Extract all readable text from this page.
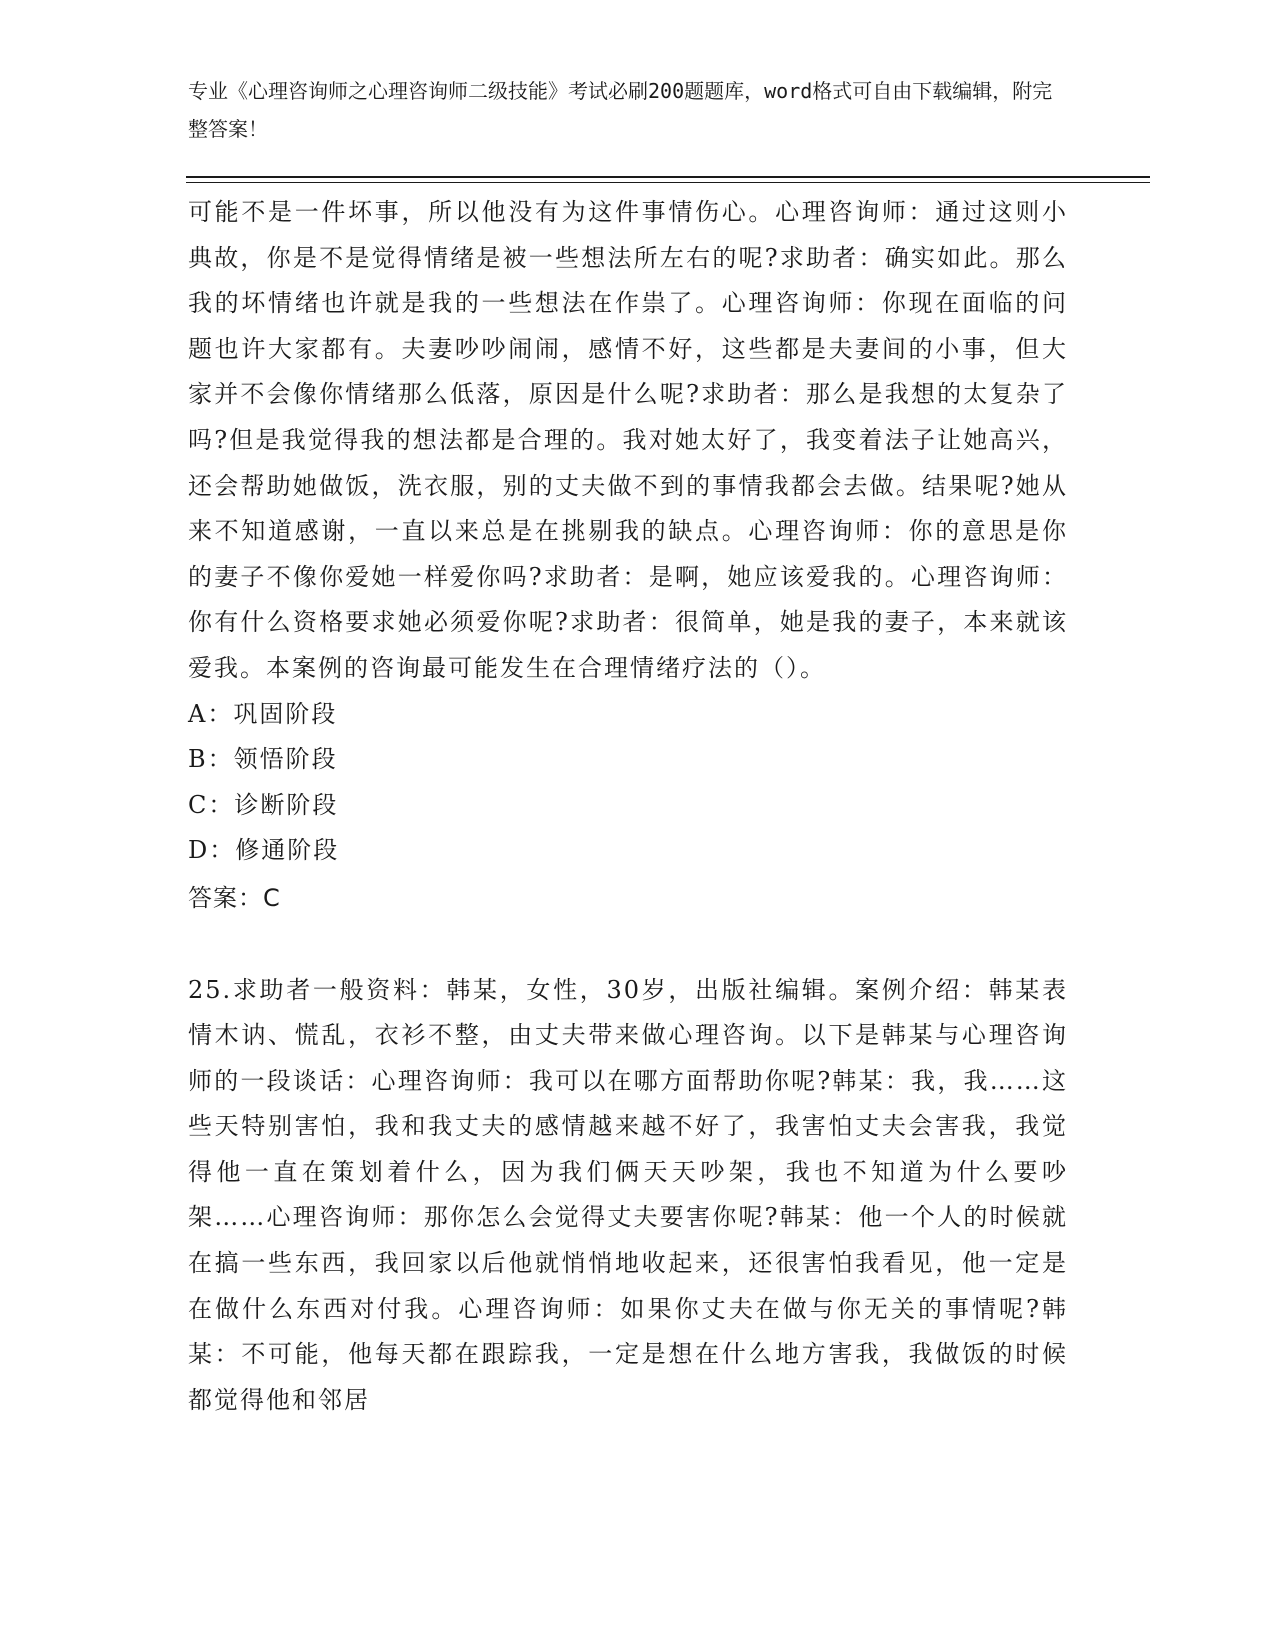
专业《心理咨询师之心理咨询师二级技能》考试必刷200题题库，word格式可自由下载编辑，附完整答案！

可能不是一件坏事，所以他没有为这件事情伤心。心理咨询师：通过这则小典故，你是不是觉得情绪是被一些想法所左右的呢?求助者：确实如此。那么我的坏情绪也许就是我的一些想法在作祟了。心理咨询师：你现在面临的问题也许大家都有。夫妻吵吵闹闹，感情不好，这些都是夫妻间的小事，但大家并不会像你情绪那么低落，原因是什么呢?求助者：那么是我想的太复杂了吗?但是我觉得我的想法都是合理的。我对她太好了，我变着法子让她高兴，还会帮助她做饭，洗衣服，别的丈夫做不到的事情我都会去做。结果呢?她从来不知道感谢，一直以来总是在挑剔我的缺点。心理咨询师：你的意思是你的妻子不像你爱她一样爱你吗?求助者：是啊，她应该爱我的。心理咨询师：你有什么资格要求她必须爱你呢?求助者：很简单，她是我的妻子，本来就该爱我。本案例的咨询最可能发生在合理情绪疗法的（）。

A：巩固阶段
B：领悟阶段
C：诊断阶段
D：修通阶段
答案：C

25.求助者一般资料：韩某，女性，30岁，出版社编辑。案例介绍：韩某表情木讷、慌乱，衣衫不整，由丈夫带来做心理咨询。以下是韩某与心理咨询师的一段谈话：心理咨询师：我可以在哪方面帮助你呢?韩某：我，我……这些天特别害怕，我和我丈夫的感情越来越不好了，我害怕丈夫会害我，我觉得他一直在策划着什么，因为我们俩天天吵架，我也不知道为什么要吵架……心理咨询师：那你怎么会觉得丈夫要害你呢?韩某：他一个人的时候就在搞一些东西，我回家以后他就悄悄地收起来，还很害怕我看见，他一定是在做什么东西对付我。心理咨询师：如果你丈夫在做与你无关的事情呢?韩某：不可能，他每天都在跟踪我，一定是想在什么地方害我，我做饭的时候都觉得他和邻居
